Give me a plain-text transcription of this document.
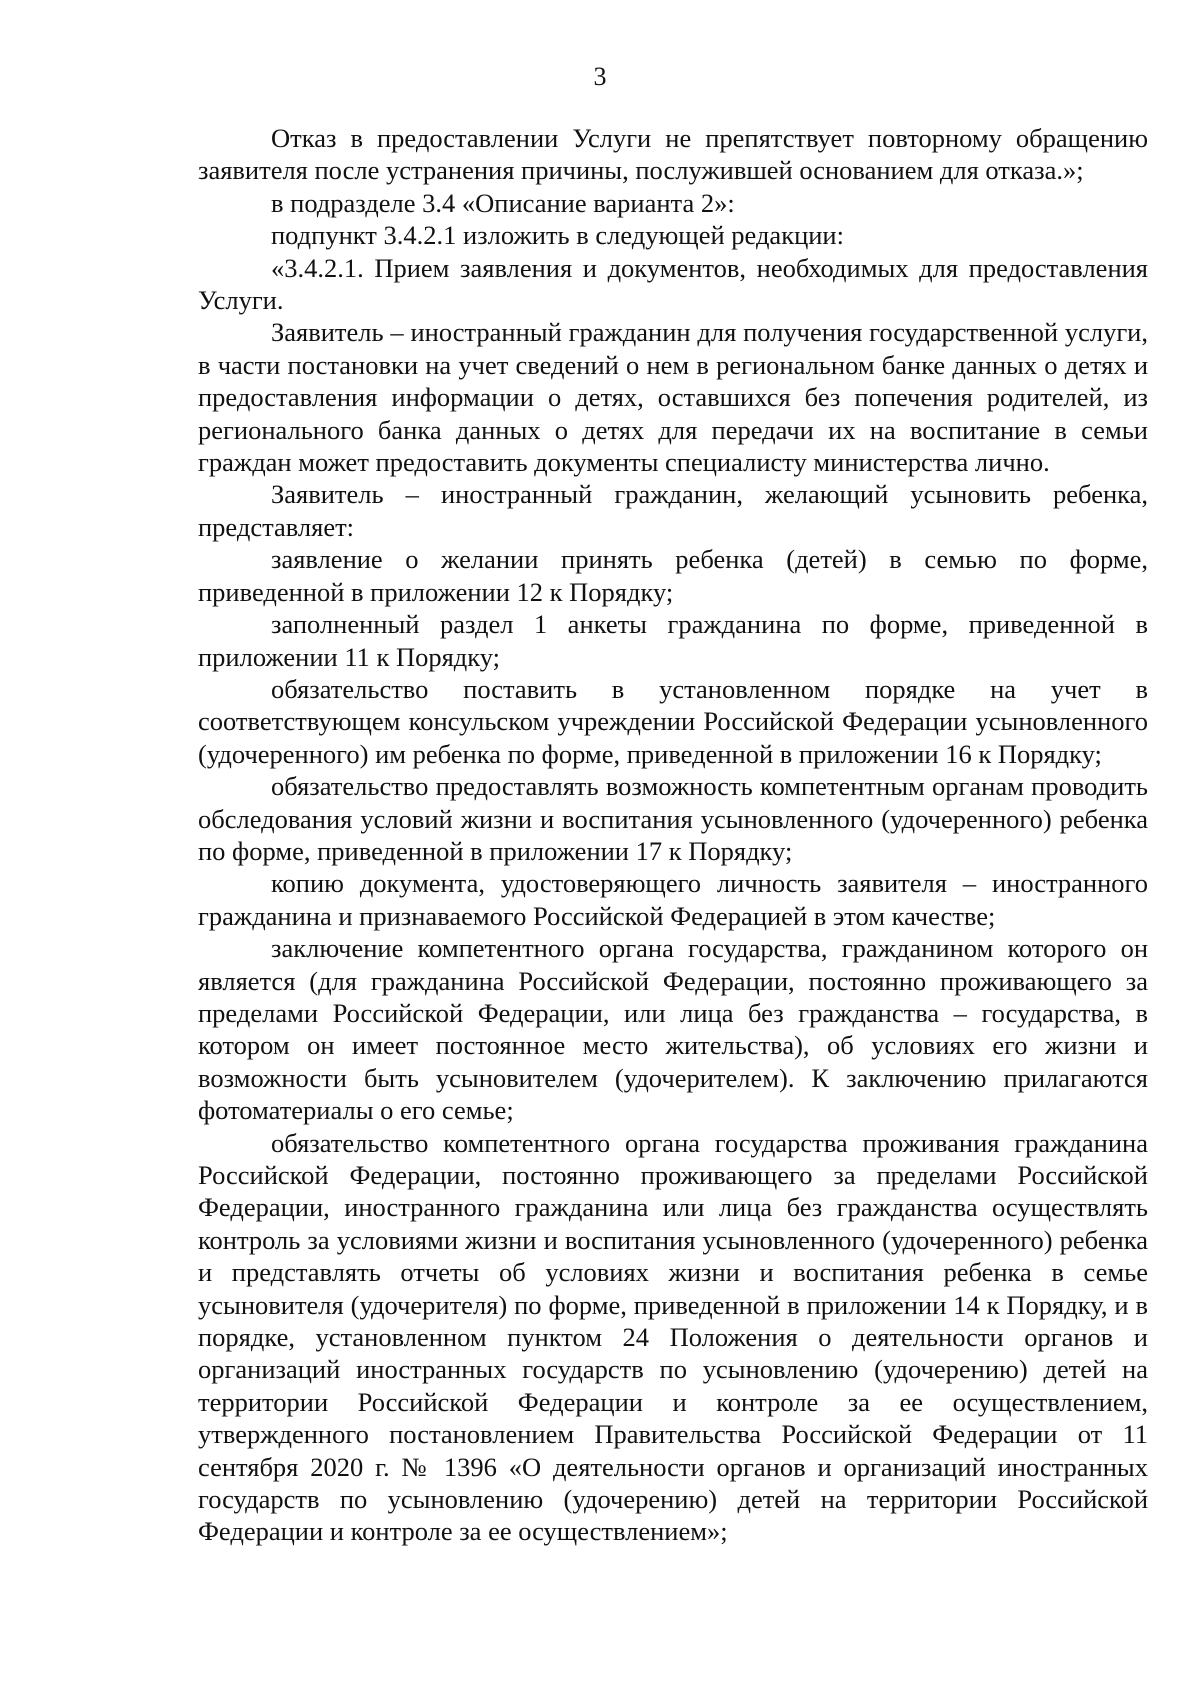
3

Отказ в предоставлении Услуги не препятствует повторному обращению заявителя после устранения причины, послужившей основанием для отказа.»;

в подразделе 3.4 «Описание варианта 2»:

подпункт 3.4.2.1 изложить в следующей редакции:

«3.4.2.1. Прием заявления и документов, необходимых для предоставления Услуги.

Заявитель – иностранный гражданин для получения государственной услуги, в части постановки на учет сведений о нем в региональном банке данных о детях и предоставления информации о детях, оставшихся без попечения родителей, из регионального банка данных о детях для передачи их на воспитание в семьи граждан может предоставить документы специалисту министерства лично.

Заявитель – иностранный гражданин, желающий усыновить ребенка, представляет:

заявление о желании принять ребенка (детей) в семью по форме, приведенной в приложении 12 к Порядку;

заполненный раздел 1 анкеты гражданина по форме, приведенной в приложении 11 к Порядку;

обязательство поставить в установленном порядке на учет в соответствующем консульском учреждении Российской Федерации усыновленного (удочеренного) им ребенка по форме, приведенной в приложении 16 к Порядку;

обязательство предоставлять возможность компетентным органам проводить обследования условий жизни и воспитания усыновленного (удочеренного) ребенка по форме, приведенной в приложении 17 к Порядку;

копию документа, удостоверяющего личность заявителя – иностранного гражданина и признаваемого Российской Федерацией в этом качестве;

заключение компетентного органа государства, гражданином которого он является (для гражданина Российской Федерации, постоянно проживающего за пределами Российской Федерации, или лица без гражданства – государства, в котором он имеет постоянное место жительства), об условиях его жизни и возможности быть усыновителем (удочерителем). К заключению прилагаются фотоматериалы о его семье;

обязательство компетентного органа государства проживания гражданина Российской Федерации, постоянно проживающего за пределами Российской Федерации, иностранного гражданина или лица без гражданства осуществлять контроль за условиями жизни и воспитания усыновленного (удочеренного) ребенка и представлять отчеты об условиях жизни и воспитания ребенка в семье усыновителя (удочерителя) по форме, приведенной в приложении 14 к Порядку, и в порядке, установленном пунктом 24 Положения о деятельности органов и организаций иностранных государств по усыновлению (удочерению) детей на территории Российской Федерации и контроле за ее осуществлением, утвержденного постановлением Правительства Российской Федерации от 11 сентября 2020 г. № 1396 «О деятельности органов и организаций иностранных государств по усыновлению (удочерению) детей на территории Российской Федерации и контроле за ее осуществлением»;
